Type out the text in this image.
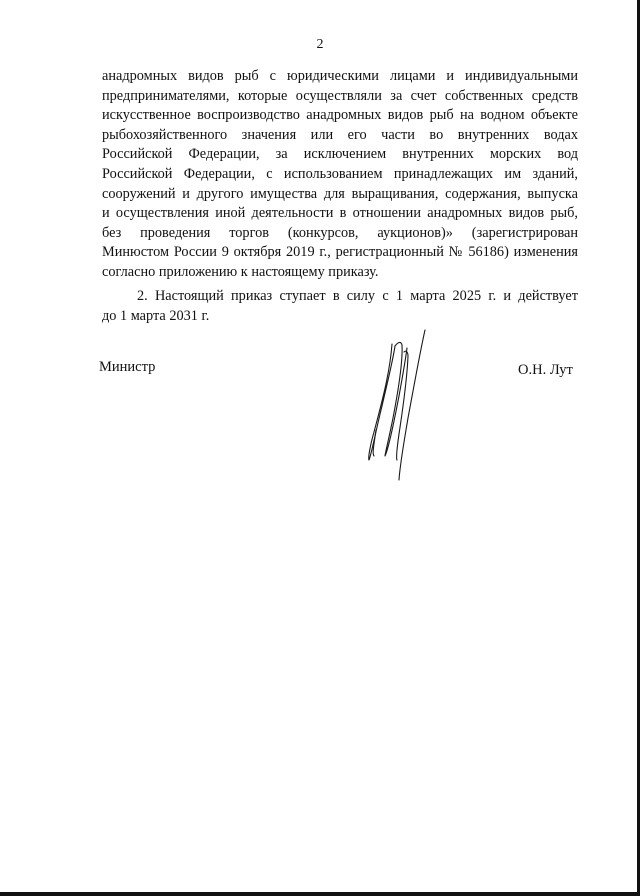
2
анадромных видов рыб с юридическими лицами и индивидуальными
предпринимателями, которые осуществляли за счет собственных средств
искусственное воспроизводство анадромных видов рыб на водном объекте
рыбохозяйственного значения или его части во внутренних водах
Российской Федерации, за исключением внутренних морских вод
Российской Федерации, с использованием принадлежащих им зданий,
сооружений и другого имущества для выращивания, содержания, выпуска
и осуществления иной деятельности в отношении анадромных видов рыб,
без проведения торгов (конкурсов, аукционов)» (зарегистрирован
Минюстом России 9 октября 2019 г., регистрационный № 56186) изменения
согласно приложению к настоящему приказу.
2. Настоящий приказ ступает в силу с 1 марта 2025 г. и действует
до 1 марта 2031 г.
Министр	О.Н. Лут
